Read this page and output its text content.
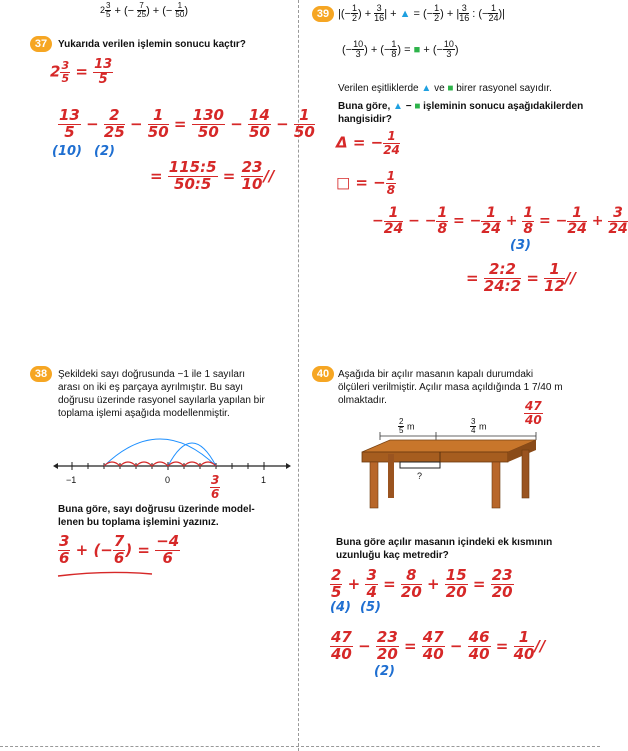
$2 \frac{3}{5}$ + (− $\frac{7}{25}$ ) + (− $\frac{1}{50}$ )
37	Yukarıda verilen işlemin sonucu kaçtır?
$2 \frac{3}{5} = \frac{13}{5}$
$\frac{13}{5} - \frac{2}{25} - \frac{1}{50} = \frac{130}{50} - \frac{14}{50} - \frac{1}{50}$
(10) (2)
= $\frac{115:5}{50:5} = \frac{23}{10}$ //
39 |(− $\frac{1}{2}$ ) + $\frac{3}{16}$ | + ▲ = (− $\frac{1}{2}$ ) + | $\frac{3}{16}$ : (− $\frac{1}{24}$ )|
(− $\frac{10}{3}$ ) + (− $\frac{1}{8}$ ) = ■ + (− $\frac{10}{3}$ )
Verilen eşitliklerde ▲ ve ■ birer rasyonel sayıdır.
Buna göre, ▲ − ■ işleminin sonucu aşağıdakilerden
hangisidir?
Δ = − $\frac{1}{24}$
□ = − $\frac{1}{8}$
− $\frac{1}{24}$ − − $\frac{1}{8}$ = − $\frac{1}{24} + \frac{1}{8}$ = − $\frac{1}{24} + \frac{3}{24}$
(3)
= $\frac{2:2}{24:2} = \frac{1}{12}$ //
38	Şekildeki sayı doğrusunda −1 ile 1 sayıları
arası on iki eş parçaya ayrılmıştır. Bu sayı
doğrusu üzerinde rasyonel sayılarla yapılan bir
toplama işlemi aşağıda modellenmiştir.
−1	0	1
$\frac{3}{6}$
Buna göre, sayı doğrusu üzerinde model-
lenen bu toplama işlemini yazınız.
$\frac{3}{6}$ + (− $\frac{7}{6}$ ) = $\frac{-4}{6}$
40 Aşağıda bir açılır masanın kapalı durumdaki
ölçüleri verilmiştir. Açılır masa açıldığında 1 7/40 m
olmaktadır.	$\frac{47}{40}$
$\frac{2}{5}$ m	$\frac{3}{4}$ m
?
Buna göre açılır masanın içindeki ek kısmının
uzunluğu kaç metredir?
$\frac{2}{5} + \frac{3}{4} = \frac{8}{20} + \frac{15}{20} = \frac{23}{20}$
(4) (5)
$\frac{47}{40} - \frac{23}{20} = \frac{47}{40} - \frac{46}{40} = \frac{1}{40}$ //
(2)
